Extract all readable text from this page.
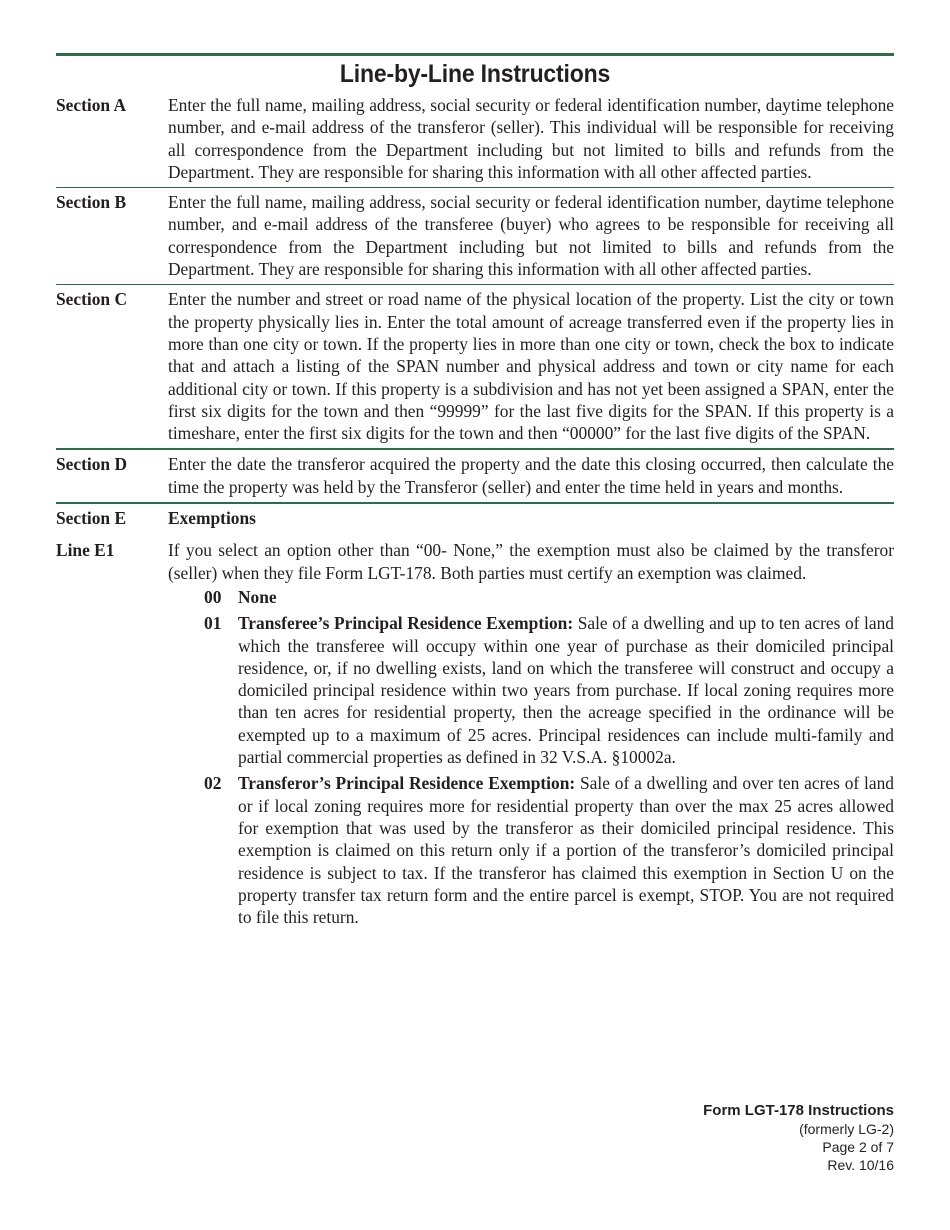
Line-by-Line Instructions
Section A	Enter the full name, mailing address, social security or federal identification number, daytime telephone number, and e-mail address of the transferor (seller). This individual will be responsible for receiving all correspondence from the Department including but not limited to bills and refunds from the Department. They are responsible for sharing this information with all other affected parties.
Section B	Enter the full name, mailing address, social security or federal identification number, daytime telephone number, and e-mail address of the transferee (buyer) who agrees to be responsible for receiving all correspondence from the Department including but not limited to bills and refunds from the Department. They are responsible for sharing this information with all other affected parties.
Section C	Enter the number and street or road name of the physical location of the property. List the city or town the property physically lies in. Enter the total amount of acreage transferred even if the property lies in more than one city or town. If the property lies in more than one city or town, check the box to indicate that and attach a listing of the SPAN number and physical address and town or city name for each additional city or town. If this property is a subdivision and has not yet been assigned a SPAN, enter the first six digits for the town and then “99999” for the last five digits for the SPAN. If this property is a timeshare, enter the first six digits for the town and then “00000” for the last five digits of the SPAN.
Section D	Enter the date the transferor acquired the property and the date this closing occurred, then calculate the time the property was held by the Transferor (seller) and enter the time held in years and months.
Section E	Exemptions
Line E1	If you select an option other than “00- None,” the exemption must also be claimed by the transferor (seller) when they file Form LGT-178. Both parties must certify an exemption was claimed.
00 None
01 Transferee’s Principal Residence Exemption: Sale of a dwelling and up to ten acres of land which the transferee will occupy within one year of purchase as their domiciled principal residence, or, if no dwelling exists, land on which the transferee will construct and occupy a domiciled principal residence within two years from purchase. If local zoning requires more than ten acres for residential property, then the acreage specified in the ordinance will be exempted up to a maximum of 25 acres. Principal residences can include multi-family and partial commercial properties as defined in 32 V.S.A. §10002a.
02 Transferor’s Principal Residence Exemption: Sale of a dwelling and over ten acres of land or if local zoning requires more for residential property than over the max 25 acres allowed for exemption that was used by the transferor as their domiciled principal residence. This exemption is claimed on this return only if a portion of the transferor’s domiciled principal residence is subject to tax. If the transferor has claimed this exemption in Section U on the property transfer tax return form and the entire parcel is exempt, STOP. You are not required to file this return.
Form LGT-178 Instructions
(formerly LG-2)
Page 2 of 7
Rev. 10/16
